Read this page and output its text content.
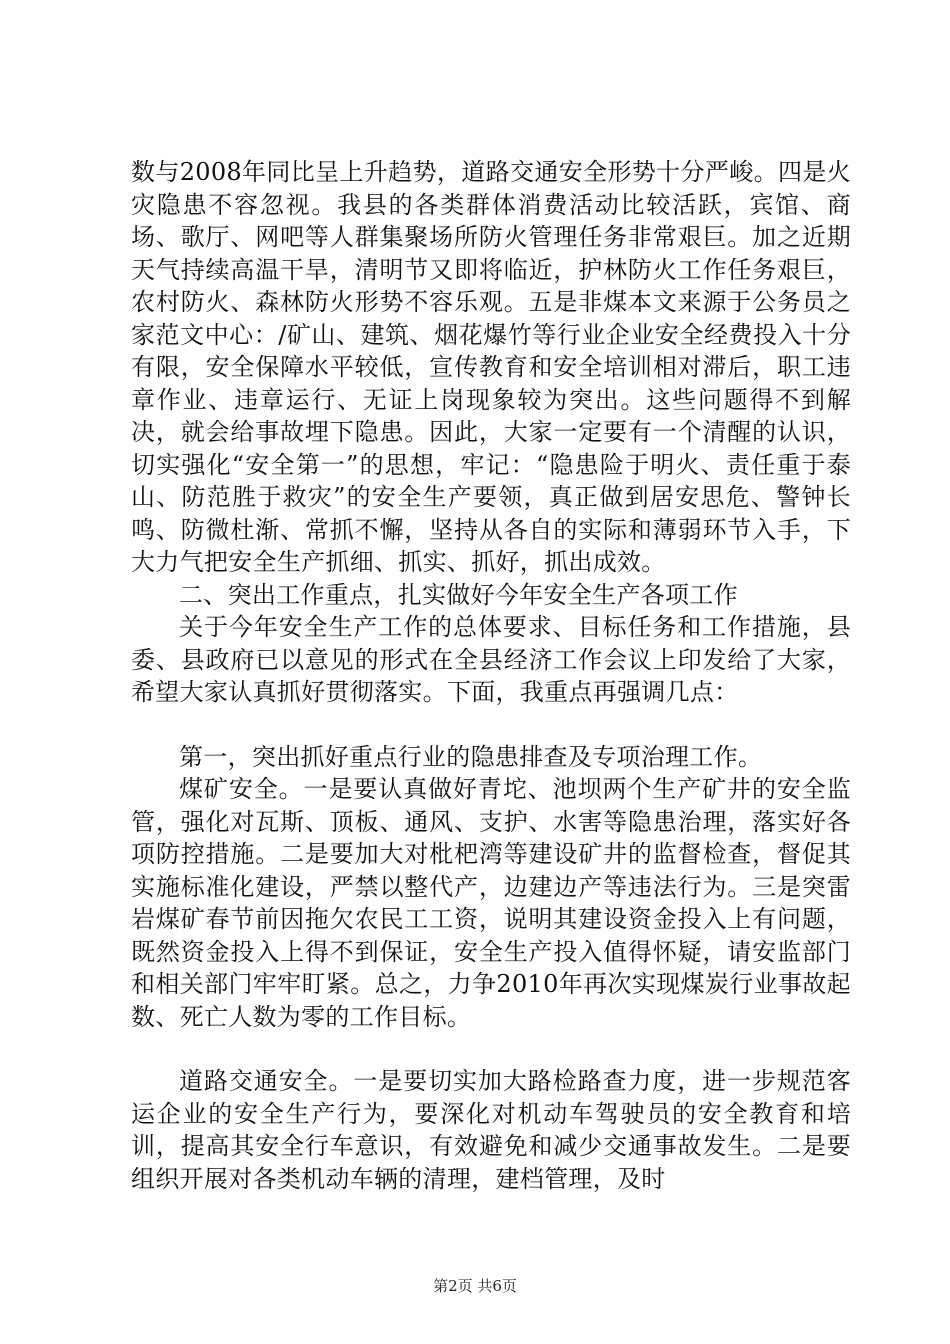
数与2008年同比呈上升趋势，道路交通安全形势十分严峻。四是火灾隐患不容忽视。我县的各类群体消费活动比较活跃，宾馆、商场、歌厅、网吧等人群集聚场所防火管理任务非常艰巨。加之近期天气持续高温干旱，清明节又即将临近，护林防火工作任务艰巨，农村防火、森林防火形势不容乐观。五是非煤本文来源于公务员之家范文中心：/矿山、建筑、烟花爆竹等行业企业安全经费投入十分有限，安全保障水平较低，宣传教育和安全培训相对滞后，职工违章作业、违章运行、无证上岗现象较为突出。这些问题得不到解决，就会给事故埋下隐患。因此，大家一定要有一个清醒的认识，切实强化“安全第一”的思想，牢记：“隐患险于明火、责任重于泰山、防范胜于救灾”的安全生产要领，真正做到居安思危、警钟长鸣、防微杜渐、常抓不懈，坚持从各自的实际和薄弱环节入手，下大力气把安全生产抓细、抓实、抓好，抓出成效。

二、突出工作重点，扎实做好今年安全生产各项工作

关于今年安全生产工作的总体要求、目标任务和工作措施，县委、县政府已以意见的形式在全县经济工作会议上印发给了大家，希望大家认真抓好贯彻落实。下面，我重点再强调几点：

第一，突出抓好重点行业的隐患排查及专项治理工作。

煤矿安全。一是要认真做好青坨、池坝两个生产矿井的安全监管，强化对瓦斯、顶板、通风、支护、水害等隐患治理，落实好各项防控措施。二是要加大对枇杷湾等建设矿井的监督检查，督促其实施标准化建设，严禁以整代产，边建边产等违法行为。三是突雷岩煤矿春节前因拖欠农民工工资，说明其建设资金投入上有问题，既然资金投入上得不到保证，安全生产投入值得怀疑，请安监部门和相关部门牢牢盯紧。总之，力争2010年再次实现煤炭行业事故起数、死亡人数为零的工作目标。

道路交通安全。一是要切实加大路检路查力度，进一步规范客运企业的安全生产行为，要深化对机动车驾驶员的安全教育和培训，提高其安全行车意识，有效避免和减少交通事故发生。二是要组织开展对各类机动车辆的清理，建档管理，及时

第2页 共6页
